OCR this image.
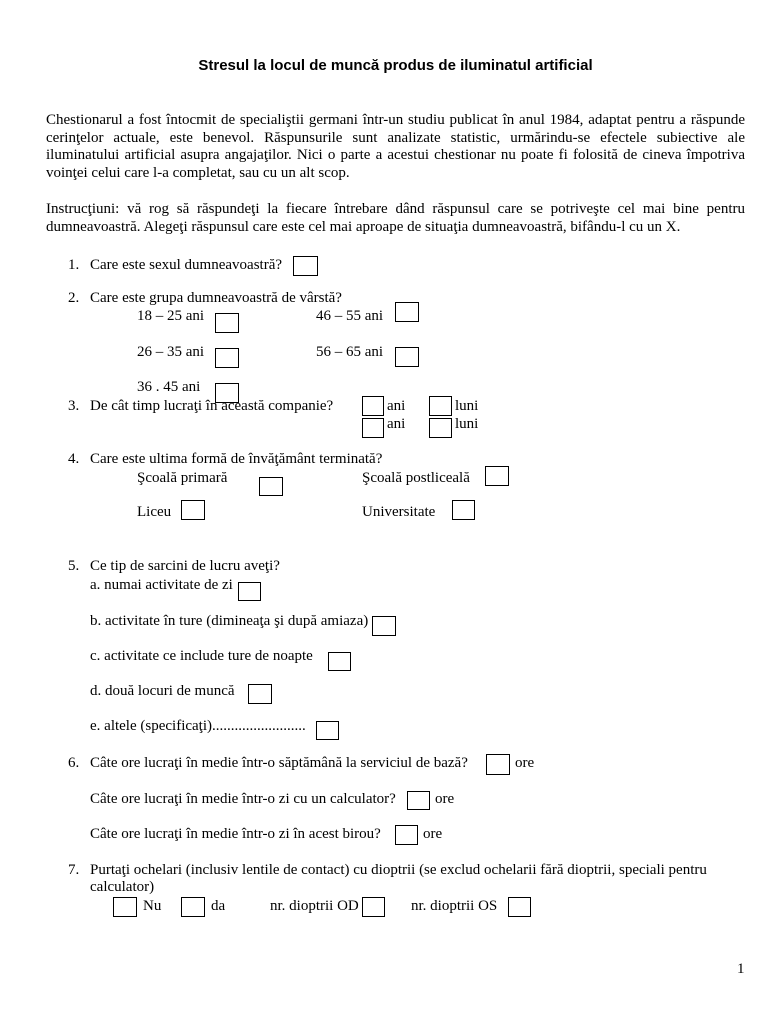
Stresul la locul de muncă produs de iluminatul artificial
Chestionarul a fost întocmit de specialiştii germani într-un studiu publicat în anul 1984, adaptat pentru a răspunde
cerinţelor actuale, este benevol. Răspunsurile sunt analizate statistic, urmărindu-se efectele subiective ale
iluminatului artificial asupra angajaţilor. Nici o parte a acestui chestionar nu poate fi folosită de cineva împotriva
voinţei celui care l-a completat, sau cu un alt scop.
Instrucţiuni: vă rog să răspundeţi la fiecare întrebare dând răspunsul care se potriveşte cel mai bine pentru
dumneavoastră. Alegeţi răspunsul care este cel mai aproape de situaţia dumneavoastră, bifându-l cu un X.
1. Care este sexul dumneavoastră?
2. Care este grupa dumneavoastră de vârstă?
18 – 25 ani	46 – 55 ani
26 – 35 ani	56 – 65 ani
36 . 45 ani
3. De cât timp lucraţi în această companie?	ani	luni
ani	luni
4. Care este ultima formă de învăţământ terminată?
Şcoală primară	Şcoală postliceală
Liceu	Universitate
5. Ce tip de sarcini de lucru aveţi?
a. numai activitate de zi
b. activitate în ture (dimineaţa şi după amiaza)
c. activitate ce include ture de noapte
d. două locuri de muncă
e. altele (specificaţi).........................
6. Câte ore lucraţi în medie într-o săptămână la serviciul de bază?	ore
Câte ore lucraţi în medie într-o zi cu un calculator?	ore
Câte ore lucraţi în medie într-o zi în acest birou?	ore
7. Purtaţi ochelari (inclusiv lentile de contact) cu dioptrii (se exclud ochelarii fără dioptrii, speciali pentru
calculator)
Nu	da	nr. dioptrii OD	nr. dioptrii OS
1
